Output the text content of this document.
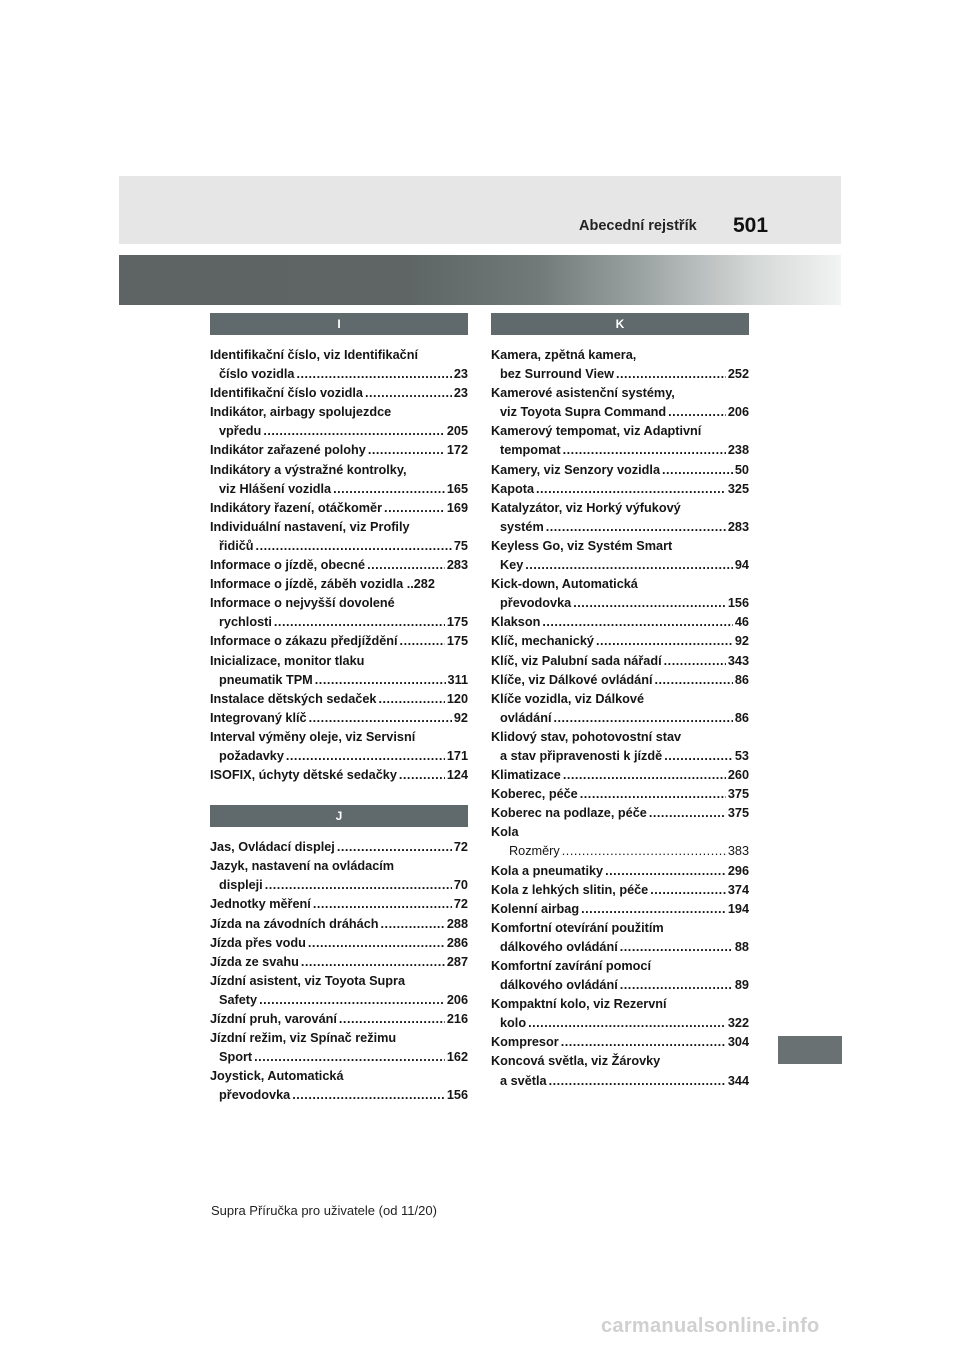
Abecední rejstřík 501
I
Identifikační číslo, viz Identifikační
číslo vozidla .....	23
Identifikační číslo vozidla .....	23
Indikátor, airbagy spolujezdce
vpředu .....	205
Indikátor zařazené polohy .....	172
Indikátory a výstražné kontrolky,
viz Hlášení vozidla .....	165
Indikátory řazení, otáčkoměr .....	169
Individuální nastavení, viz Profily
řidičů .....	75
Informace o jízdě, obecné .....	283
Informace o jízdě, záběh vozidla ..282
Informace o nejvyšší dovolené
rychlosti .....	175
Informace o zákazu předjíždění .....	175
Inicializace, monitor tlaku
pneumatik TPM .....	311
Instalace dětských sedaček .....	120
Integrovaný klíč .....	92
Interval výměny oleje, viz Servisní
požadavky .....	171
ISOFIX, úchyty dětské sedačky .....	124
J
Jas, Ovládací displej .....	72
Jazyk, nastavení na ovládacím
displeji .....	70
Jednotky měření .....	72
Jízda na závodních dráhách .....	288
Jízda přes vodu .....	286
Jízda ze svahu .....	287
Jízdní asistent, viz Toyota Supra
Safety .....	206
Jízdní pruh, varování .....	216
Jízdní režim, viz Spínač režimu
Sport .....	162
Joystick, Automatická
převodovka .....	156
K
Kamera, zpětná kamera,
bez Surround View .....	252
Kamerové asistenční systémy,
viz Toyota Supra Command .....	206
Kamerový tempomat, viz Adaptivní
tempomat .....	238
Kamery, viz Senzory vozidla .....	50
Kapota .....	325
Katalyzátor, viz Horký výfukový
systém .....	283
Keyless Go, viz Systém Smart
Key .....	94
Kick-down, Automatická
převodovka .....	156
Klakson .....	46
Klíč, mechanický .....	92
Klíč, viz Palubní sada nářadí .....	343
Klíče, viz Dálkové ovládání .....	86
Klíče vozidla, viz Dálkové
ovládání .....	86
Klidový stav, pohotovostní stav
a stav připravenosti k jízdě .....	53
Klimatizace .....	260
Koberec, péče .....	375
Koberec na podlaze, péče .....	375
Kola
Rozměry .....	383
Kola a pneumatiky .....	296
Kola z lehkých slitin, péče .....	374
Kolenní airbag .....	194
Komfortní otevírání použitím
dálkového ovládání .....	88
Komfortní zavírání pomocí
dálkového ovládání .....	89
Kompaktní kolo, viz Rezervní
kolo .....	322
Kompresor .....	304
Koncová světla, viz Žárovky
a světla .....	344
Supra Příručka pro uživatele (od 11/20)
carmanualsonline.info
